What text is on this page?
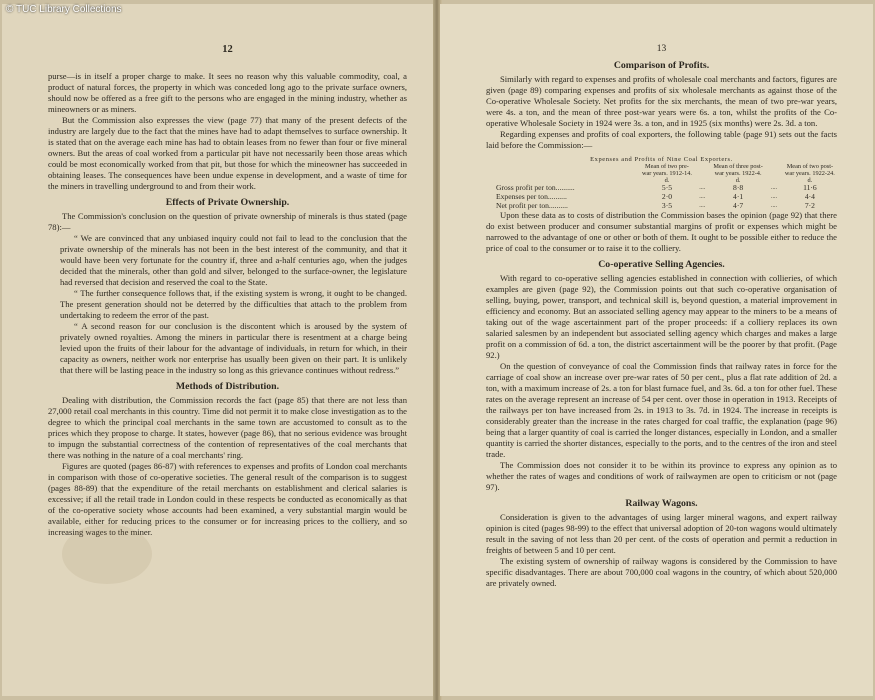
© TUC Library Collections
12

purse—is in itself a proper charge to make. It sees no reason why this valuable commodity, coal, a product of natural forces, the property in which was conceded long ago to the private surface owners, should now be offered as a free gift to the persons who are engaged in the mining industry, whether as mineowners or as miners.

But the Commission also expresses the view (page 77) that many of the present defects of the industry are largely due to the fact that the mines have had to adapt themselves to surface ownership. It is stated that on the average each mine has had to obtain leases from no fewer than four or five mineral owners. But the areas of coal worked from a particular pit have not necessarily been those areas which could be most economically worked from that pit, but those for which the mineowner has succeeded in obtaining leases. The consequences have been undue expense in development, and a waste of time for the miners in travelling underground to and from their work.

Effects of Private Ownership.

The Commission's conclusion on the question of private ownership of minerals is thus stated (page 78):—

“ We are convinced that any unbiased inquiry could not fail to lead to the conclusion that the private ownership of the minerals has not been in the best interest of the community, and that it would have been very fortunate for the country if, three and a-half centuries ago, when the judges decided that the minerals, other than gold and silver, belonged to the surface-owner, the legislature had reversed that decision and reserved the coal to the State.

“ The further consequence follows that, if the existing system is wrong, it ought to be changed. The present generation should not be deterred by the difficulties that attach to the problem from undertaking to redeem the error of the past.

“ A second reason for our conclusion is the discontent which is aroused by the system of privately owned royalties. Among the miners in particular there is resentment at a charge being levied upon the fruits of their labour for the advantage of individuals, in return for which, in their capacity as owners, neither work nor enterprise has usually been given on their part. It is unlikely that there will be lasting peace in the industry so long as this grievance continues without redress.”

Methods of Distribution.

Dealing with distribution, the Commission records the fact (page 85) that there are not less than 27,000 retail coal merchants in this country. Time did not permit it to make close investigation as to the degree to which the principal coal merchants in the same town are accustomed to consult as to the prices which they propose to charge. It states, however (page 86), that no serious evidence was brought to impugn the substantial correctness of the contention of representatives of the coal merchants that there was nothing in the nature of a coal merchants' ring.

Figures are quoted (pages 86-87) with references to expenses and profits of London coal merchants in comparison with those of co-operative societies. The general result of the comparison is to suggest (pages 88-89) that the expenditure of the retail merchants on establishment and clerical salaries is excessive; if all the retail trade in London could in these respects be conducted as economically as that of the co-operative society whose accounts had been examined, a very substantial margin would be available, either for reducing prices to the consumer or for increasing prices to the colliery, and so increasing wages to the miner.

13
Comparison of Profits.

Similarly with regard to expenses and profits of wholesale coal merchants and factors, figures are given (page 89) comparing expenses and profits of six wholesale merchants as against those of the Co-operative Wholesale Society. Net profits for the six merchants, the mean of two pre-war years, were 4s. a ton, and the mean of three post-war years were 6s. a ton, whilst the profits of the Co-operative Wholesale Society in 1924 were 3s. a ton, and in 1925 (six months) were 2s. 3d. a ton.

Regarding expenses and profits of coal exporters, the following table (page 91) sets out the facts laid before the Commission:—

Expenses and Profits of Nine Coal Exporters.
	Mean of two pre-war years. 1912-14.		Mean of three post-war years. 1922-4.		Mean of two post-war years. 1922-24.
	d.		d.		d.
Gross profit per ton..........	5·5	....	8·8	....	11·6
Expenses per ton..........	2·0	....	4·1	....	4·4
Net profit per ton..........	3·5	....	4·7	....	7·2

Upon these data as to costs of distribution the Commission bases the opinion (page 92) that there do exist between producer and consumer substantial margins of profit or expenses which might be narrowed to the advantage of one or other or both of them. It ought to be possible either to reduce the price of coal to the consumer or to raise it to the colliery.

Co-operative Selling Agencies.

With regard to co-operative selling agencies established in connection with collieries, of which examples are given (page 92), the Commission points out that such co-operative organisation of selling, buying, power, transport, and technical skill is, beyond question, a material improvement in efficiency and economy. But an associated selling agency may appear to the miners to be a means of taking out of the wage ascertainment part of the proper proceeds: if a colliery replaces its own salaried salesmen by an independent but associated selling agency which charges and makes a large profit on a commission of 6d. a ton, the district ascertainment will be the poorer by that profit. (Page 92.)

On the question of conveyance of coal the Commission finds that railway rates in force for the carriage of coal show an increase over pre-war rates of 50 per cent., plus a flat rate addition of 2d. a ton, with a maximum increase of 2s. a ton for blast furnace fuel, and 3s. 6d. a ton for other fuel. These rates on the average represent an increase of 54 per cent. over those in operation in 1913. Receipts of the railways per ton have increased from 2s. in 1913 to 3s. 7d. in 1924. The increase in receipts is considerably greater than the increase in the rates charged for coal traffic, the explanation (page 96) being that a larger quantity of coal is carried the longer distances, especially in London, and a smaller quantity is carried the shorter distances, especially to the ports, and to the centres of the iron and steel trade.

The Commission does not consider it to be within its province to express any opinion as to whether the rates of wages and conditions of work of railwaymen are open to criticism or not (page 97).

Railway Wagons.

Consideration is given to the advantages of using larger mineral wagons, and expert railway opinion is cited (pages 98-99) to the effect that universal adoption of 20-ton wagons would ultimately result in the saving of not less than 20 per cent. of the costs of operation and permit a reduction in freights of between 5 and 10 per cent.

The existing system of ownership of railway wagons is considered by the Commission to have specific disadvantages. There are about 700,000 coal wagons in the country, of which about 520,000 are privately owned.
